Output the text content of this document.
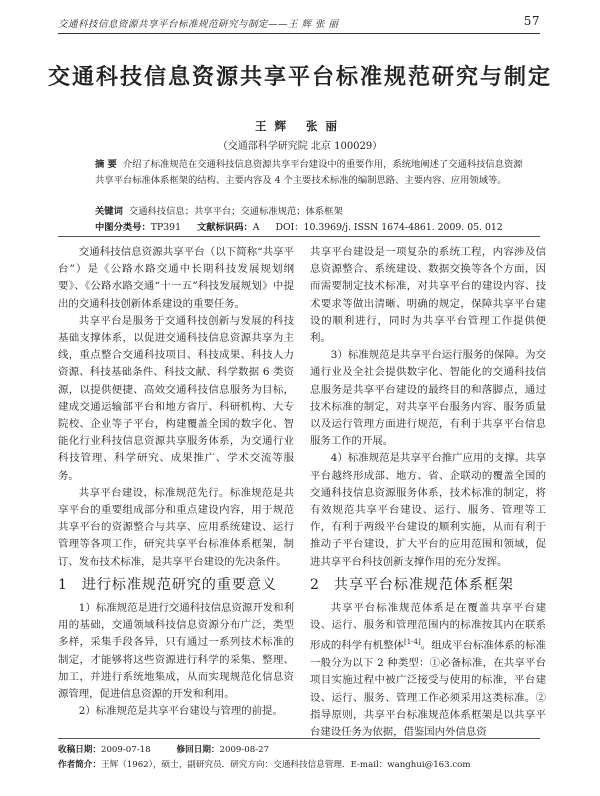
交通科技信息资源共享平台标准规范研究与制定——王 辉 张 丽	57
交通科技信息资源共享平台标准规范研究与制定
王辉 张丽
（交通部科学研究院 北京 100029）
摘 要 介绍了标准规范在交通科技信息资源共享平台建设中的重要作用，系统地阐述了交通科技信息资源共享平台标准体系框架的结构、主要内容及 4 个主要技术标准的编制思路、主要内容、应用领域等。
关键词 交通科技信息；共享平台；交通标准规范；体系框架
中图分类号：TP391 文献标识码：A DOI：10.3969/j. ISSN 1674-4861. 2009. 05. 012

交通科技信息资源共享平台（以下简称“共享平台”）是《公路水路交通中长期科技发展规划纲要》、《公路水路交通“十一五”科技发展规划》中提出的交通科技创新体系建设的重要任务。

共享平台是服务于交通科技创新与发展的科技基础支撑体系，以促进交通科技信息资源共享为主线，重点整合交通科技项目、科技成果、科技人力资源、科技基础条件、科技文献、科学数据 6 类资源，以提供便捷、高效交通科技信息服务为目标，建成交通运输部平台和地方省厅、科研机构、大专院校、企业等子平台，构建覆盖全国的数字化、智能化行业科技信息资源共享服务体系，为交通行业科技管理、科学研究、成果推广、学术交流等服务。

共享平台建设，标准规范先行。标准规范是共享平台的重要组成部分和重点建设内容，用于规范共享平台的资源整合与共享、应用系统建设、运行管理等各项工作，研究共享平台标准体系框架，制订、发布技术标准，是共享平台建设的先决条件。

1 进行标准规范研究的重要意义

1）标准规范是进行交通科技信息资源开发和利用的基础，交通领域科技信息资源分布广泛，类型多样，采集手段各异，只有通过一系列技术标准的制定，才能够将这些资源进行科学的采集、整理、加工，并进行系统地集成，从而实现规范化信息资源管理，促进信息资源的开发和利用。

2）标准规范是共享平台建设与管理的前提。

共享平台建设是一项复杂的系统工程，内容涉及信息资源整合、系统建设、数据交换等各个方面，因而需要制定技术标准，对共享平台的建设内容、技术要求等做出清晰、明确的规定，保障共享平台建设的顺利进行，同时为共享平台管理工作提供便利。

3）标准规范是共享平台运行服务的保障。为交通行业及全社会提供数字化、智能化的交通科技信息服务是共享平台建设的最终目的和落脚点，通过技术标准的制定，对共享平台服务内容、服务质量以及运行管理方面进行规范，有利于共享平台信息服务工作的开展。

4）标准规范是共享平台推广应用的支撑。共享平台越终形成部、地方、省、企联动的覆盖全国的交通科技信息资源服务体系，技术标准的制定，将有效规范共享平台建设、运行、服务、管理等工作，有利于两级平台建设的顺利实施，从而有利于推动子平台建设，扩大平台的应用范围和领域，促进共享平台科技创新支撑作用的充分发挥。

2 共享平台标准规范体系框架

共享平台标准规范体系是在覆盖共享平台建设、运行、服务和管理范围内的标准按其内在联系形成的科学有机整体[1-4]。组成平台标准体系的标准一般分为以下 2 种类型：①必备标准，在共享平台项目实施过程中被广泛接受与使用的标准，平台建设、运行、服务、管理工作必须采用这类标准。②指导原则，共享平台标准规范体系框架是以共享平台建设任务为依据，借鉴国内外信息资

收稿日期：2009-07-18	修回日期：2009-08-27
作者简介：王辉（1962），硕士，副研究员．研究方向：交通科技信息管理．E-mail：wanghui@163.com
